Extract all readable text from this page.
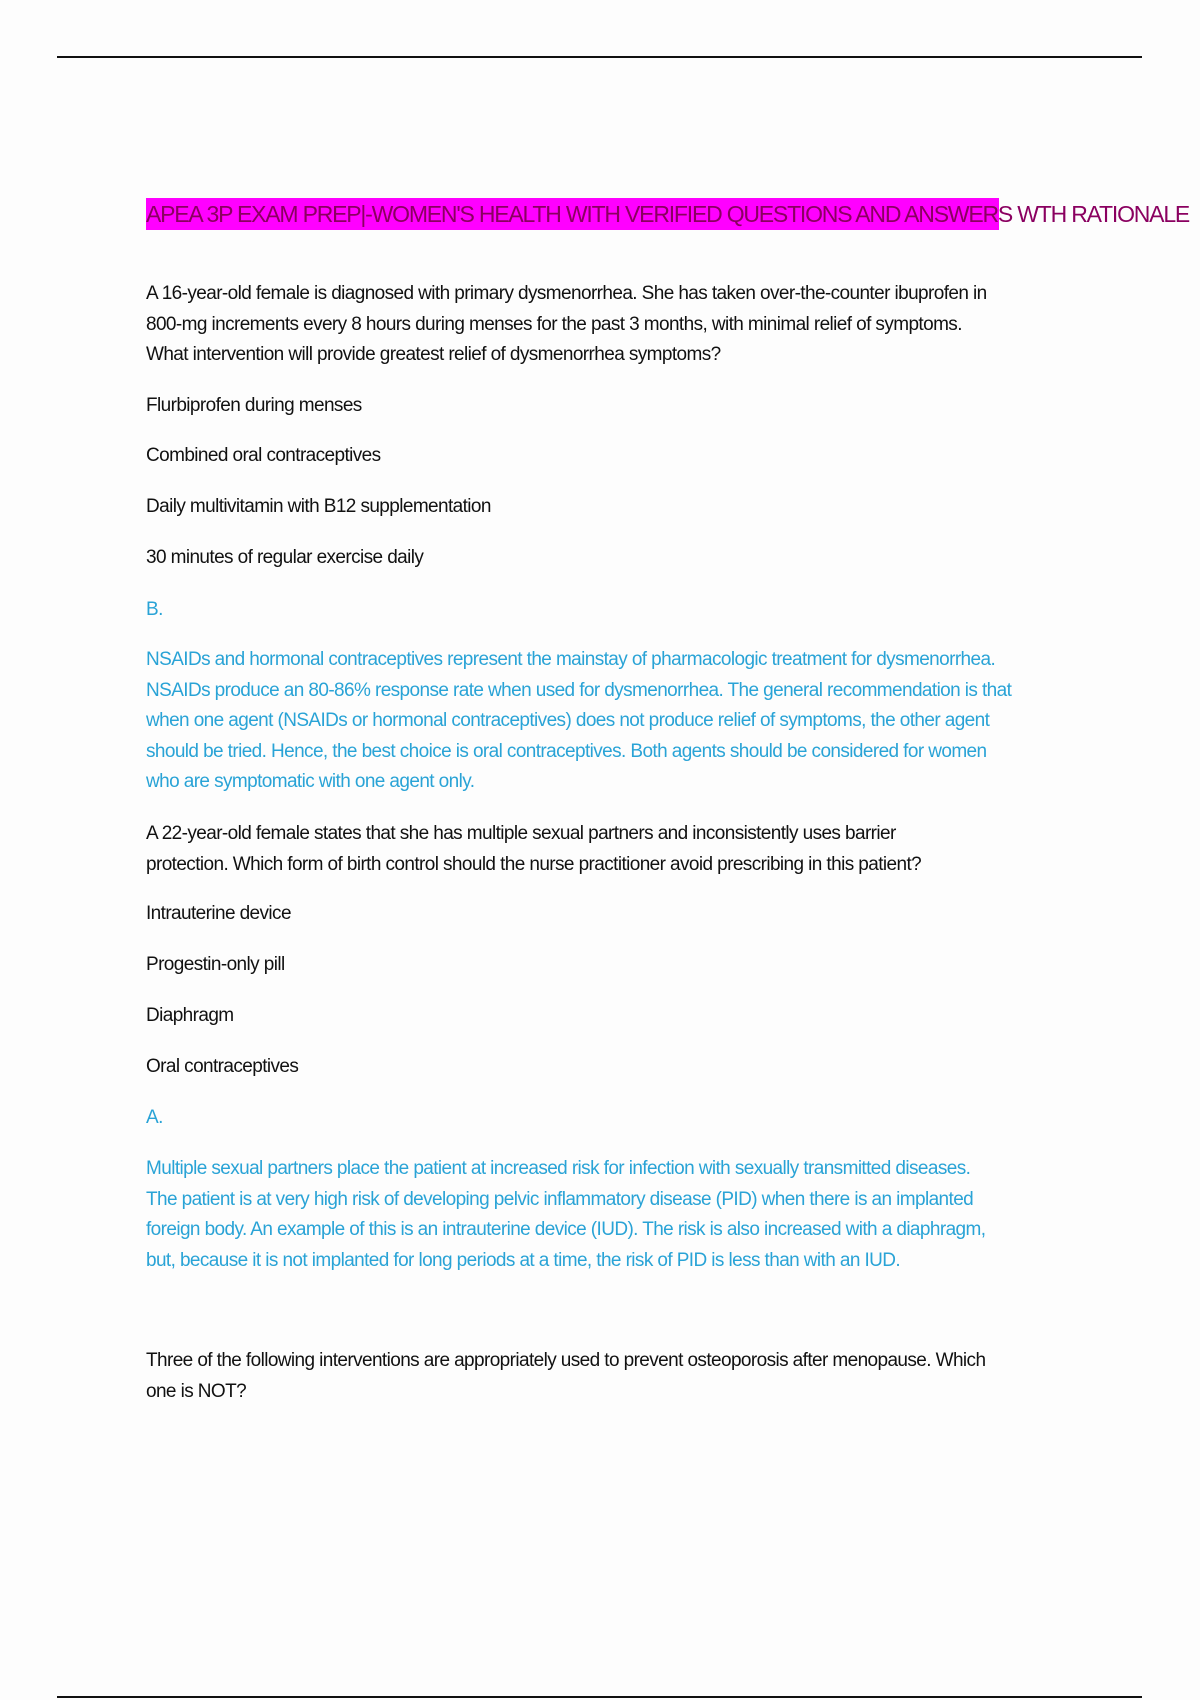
APEA 3P EXAM PREP|-WOMEN'S HEALTH WITH VERIFIED QUESTIONS AND ANSWERS WTH RATIONALE
A 16-year-old female is diagnosed with primary dysmenorrhea. She has taken over-the-counter ibuprofen in
800-mg increments every 8 hours during menses for the past 3 months, with minimal relief of symptoms.
What intervention will provide greatest relief of dysmenorrhea symptoms?
Flurbiprofen during menses
Combined oral contraceptives
Daily multivitamin with B12 supplementation
30 minutes of regular exercise daily
B.
NSAIDs and hormonal contraceptives represent the mainstay of pharmacologic treatment for dysmenorrhea.
NSAIDs produce an 80-86% response rate when used for dysmenorrhea. The general recommendation is that
when one agent (NSAIDs or hormonal contraceptives) does not produce relief of symptoms, the other agent
should be tried. Hence, the best choice is oral contraceptives. Both agents should be considered for women
who are symptomatic with one agent only.
A 22-year-old female states that she has multiple sexual partners and inconsistently uses barrier
protection. Which form of birth control should the nurse practitioner avoid prescribing in this patient?
Intrauterine device
Progestin-only pill
Diaphragm
Oral contraceptives
A.
Multiple sexual partners place the patient at increased risk for infection with sexually transmitted diseases.
The patient is at very high risk of developing pelvic inflammatory disease (PID) when there is an implanted
foreign body. An example of this is an intrauterine device (IUD). The risk is also increased with a diaphragm,
but, because it is not implanted for long periods at a time, the risk of PID is less than with an IUD.
Three of the following interventions are appropriately used to prevent osteoporosis after menopause. Which
one is NOT?
